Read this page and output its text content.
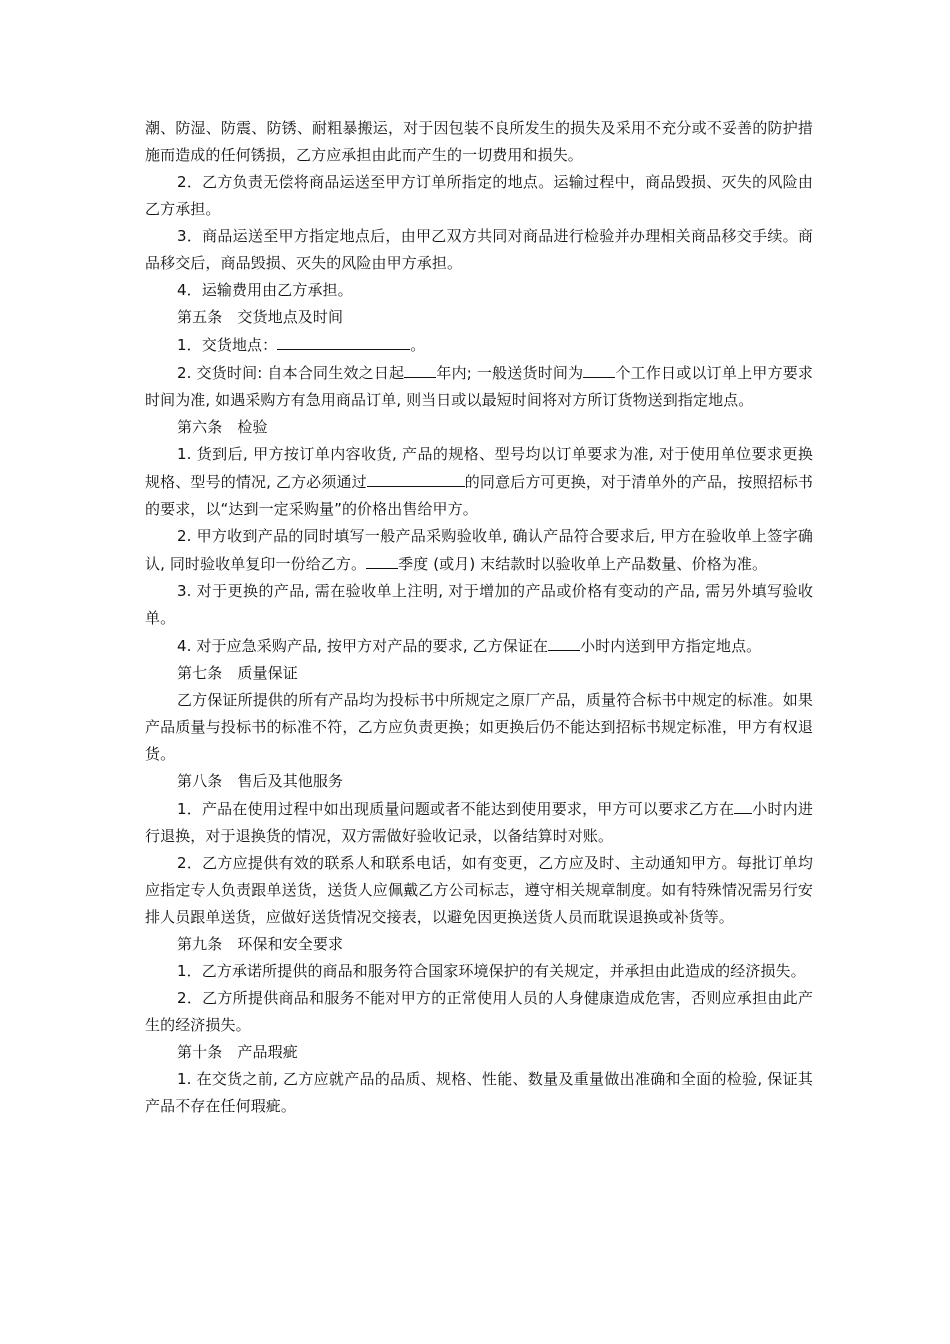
潮、防湿、防震、防锈、耐粗暴搬运，对于因包装不良所发生的损失及采用不充分或不妥善的防护措施而造成的任何锈损，乙方应承担由此而产生的一切费用和损失。

2．乙方负责无偿将商品运送至甲方订单所指定的地点。运输过程中，商品毁损、灭失的风险由乙方承担。

3．商品运送至甲方指定地点后，由甲乙双方共同对商品进行检验并办理相关商品移交手续。商品移交后，商品毁损、灭失的风险由甲方承担。

4．运输费用由乙方承担。

第五条　交货地点及时间

1．交货地点：	。

2. 交货时间: 自本合同生效之日起 年内; 一般送货时间为 个工作日或以订单上甲方要求时间为准, 如遇采购方有急用商品订单, 则当日或以最短时间将对方所订货物送到指定地点。

第六条　检验

1. 货到后, 甲方按订单内容收货, 产品的规格、型号均以订单要求为准, 对于使用单位要求更换规格、型号的情况, 乙方必须通过	的同意后方可更换，对于清单外的产品，按照招标书的要求，以“达到一定采购量”的价格出售给甲方。

2. 甲方收到产品的同时填写一般产品采购验收单, 确认产品符合要求后, 甲方在验收单上签字确认, 同时验收单复印一份给乙方。 季度 (或月) 末结款时以验收单上产品数量、价格为准。

3. 对于更换的产品, 需在验收单上注明, 对于增加的产品或价格有变动的产品, 需另外填写验收单。

4. 对于应急采购产品, 按甲方对产品的要求, 乙方保证在 小时内送到甲方指定地点。

第七条　质量保证

乙方保证所提供的所有产品均为投标书中所规定之原厂产品，质量符合标书中规定的标准。如果产品质量与投标书的标准不符，乙方应负责更换；如更换后仍不能达到招标书规定标准，甲方有权退货。

第八条　售后及其他服务

1．产品在使用过程中如出现质量问题或者不能达到使用要求，甲方可以要求乙方在 小时内进行退换，对于退换货的情况，双方需做好验收记录，以备结算时对账。

2．乙方应提供有效的联系人和联系电话，如有变更，乙方应及时、主动通知甲方。每批订单均应指定专人负责跟单送货，送货人应佩戴乙方公司标志，遵守相关规章制度。如有特殊情况需另行安排人员跟单送货，应做好送货情况交接表，以避免因更换送货人员而耽误退换或补货等。

第九条　环保和安全要求

1．乙方承诺所提供的商品和服务符合国家环境保护的有关规定，并承担由此造成的经济损失。

2．乙方所提供商品和服务不能对甲方的正常使用人员的人身健康造成危害，否则应承担由此产生的经济损失。

第十条　产品瑕疵

1. 在交货之前, 乙方应就产品的品质、规格、性能、数量及重量做出准确和全面的检验, 保证其产品不存在任何瑕疵。
